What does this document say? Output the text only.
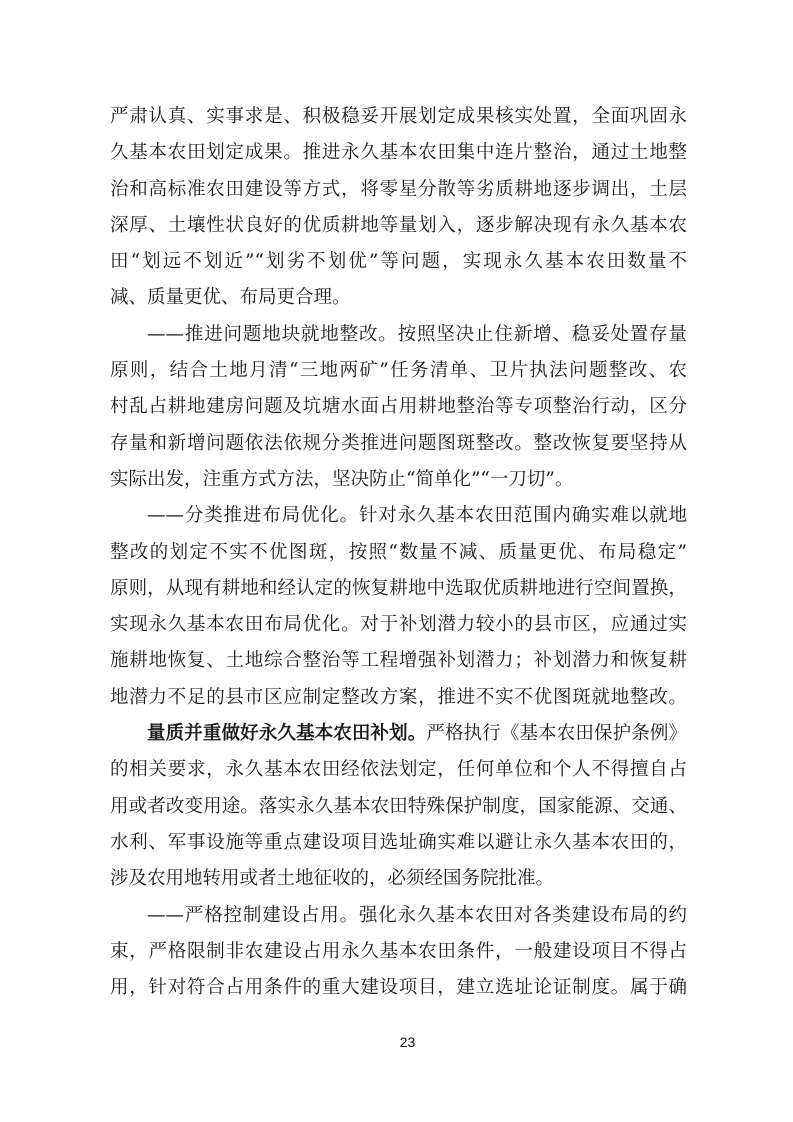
严肃认真、实事求是、积极稳妥开展划定成果核实处置，全面巩固永
久基本农田划定成果。推进永久基本农田集中连片整治，通过土地整
治和高标准农田建设等方式，将零星分散等劣质耕地逐步调出，土层
深厚、土壤性状良好的优质耕地等量划入，逐步解决现有永久基本农
田“划远不划近”“划劣不划优”等问题，实现永久基本农田数量不
减、质量更优、布局更合理。
——推进问题地块就地整改。按照坚决止住新增、稳妥处置存量
原则，结合土地月清“三地两矿”任务清单、卫片执法问题整改、农
村乱占耕地建房问题及坑塘水面占用耕地整治等专项整治行动，区分
存量和新增问题依法依规分类推进问题图斑整改。整改恢复要坚持从
实际出发，注重方式方法，坚决防止“简单化”“一刀切”。
——分类推进布局优化。针对永久基本农田范围内确实难以就地
整改的划定不实不优图斑，按照“数量不减、质量更优、布局稳定”
原则，从现有耕地和经认定的恢复耕地中选取优质耕地进行空间置换，
实现永久基本农田布局优化。对于补划潜力较小的县市区，应通过实
施耕地恢复、土地综合整治等工程增强补划潜力；补划潜力和恢复耕
地潜力不足的县市区应制定整改方案，推进不实不优图斑就地整改。
量质并重做好永久基本农田补划。严格执行《基本农田保护条例》
的相关要求，永久基本农田经依法划定，任何单位和个人不得擅自占
用或者改变用途。落实永久基本农田特殊保护制度，国家能源、交通、
水利、军事设施等重点建设项目选址确实难以避让永久基本农田的，
涉及农用地转用或者土地征收的，必须经国务院批准。
——严格控制建设占用。强化永久基本农田对各类建设布局的约
束，严格限制非农建设占用永久基本农田条件，一般建设项目不得占
用，针对符合占用条件的重大建设项目，建立选址论证制度。属于确
23
